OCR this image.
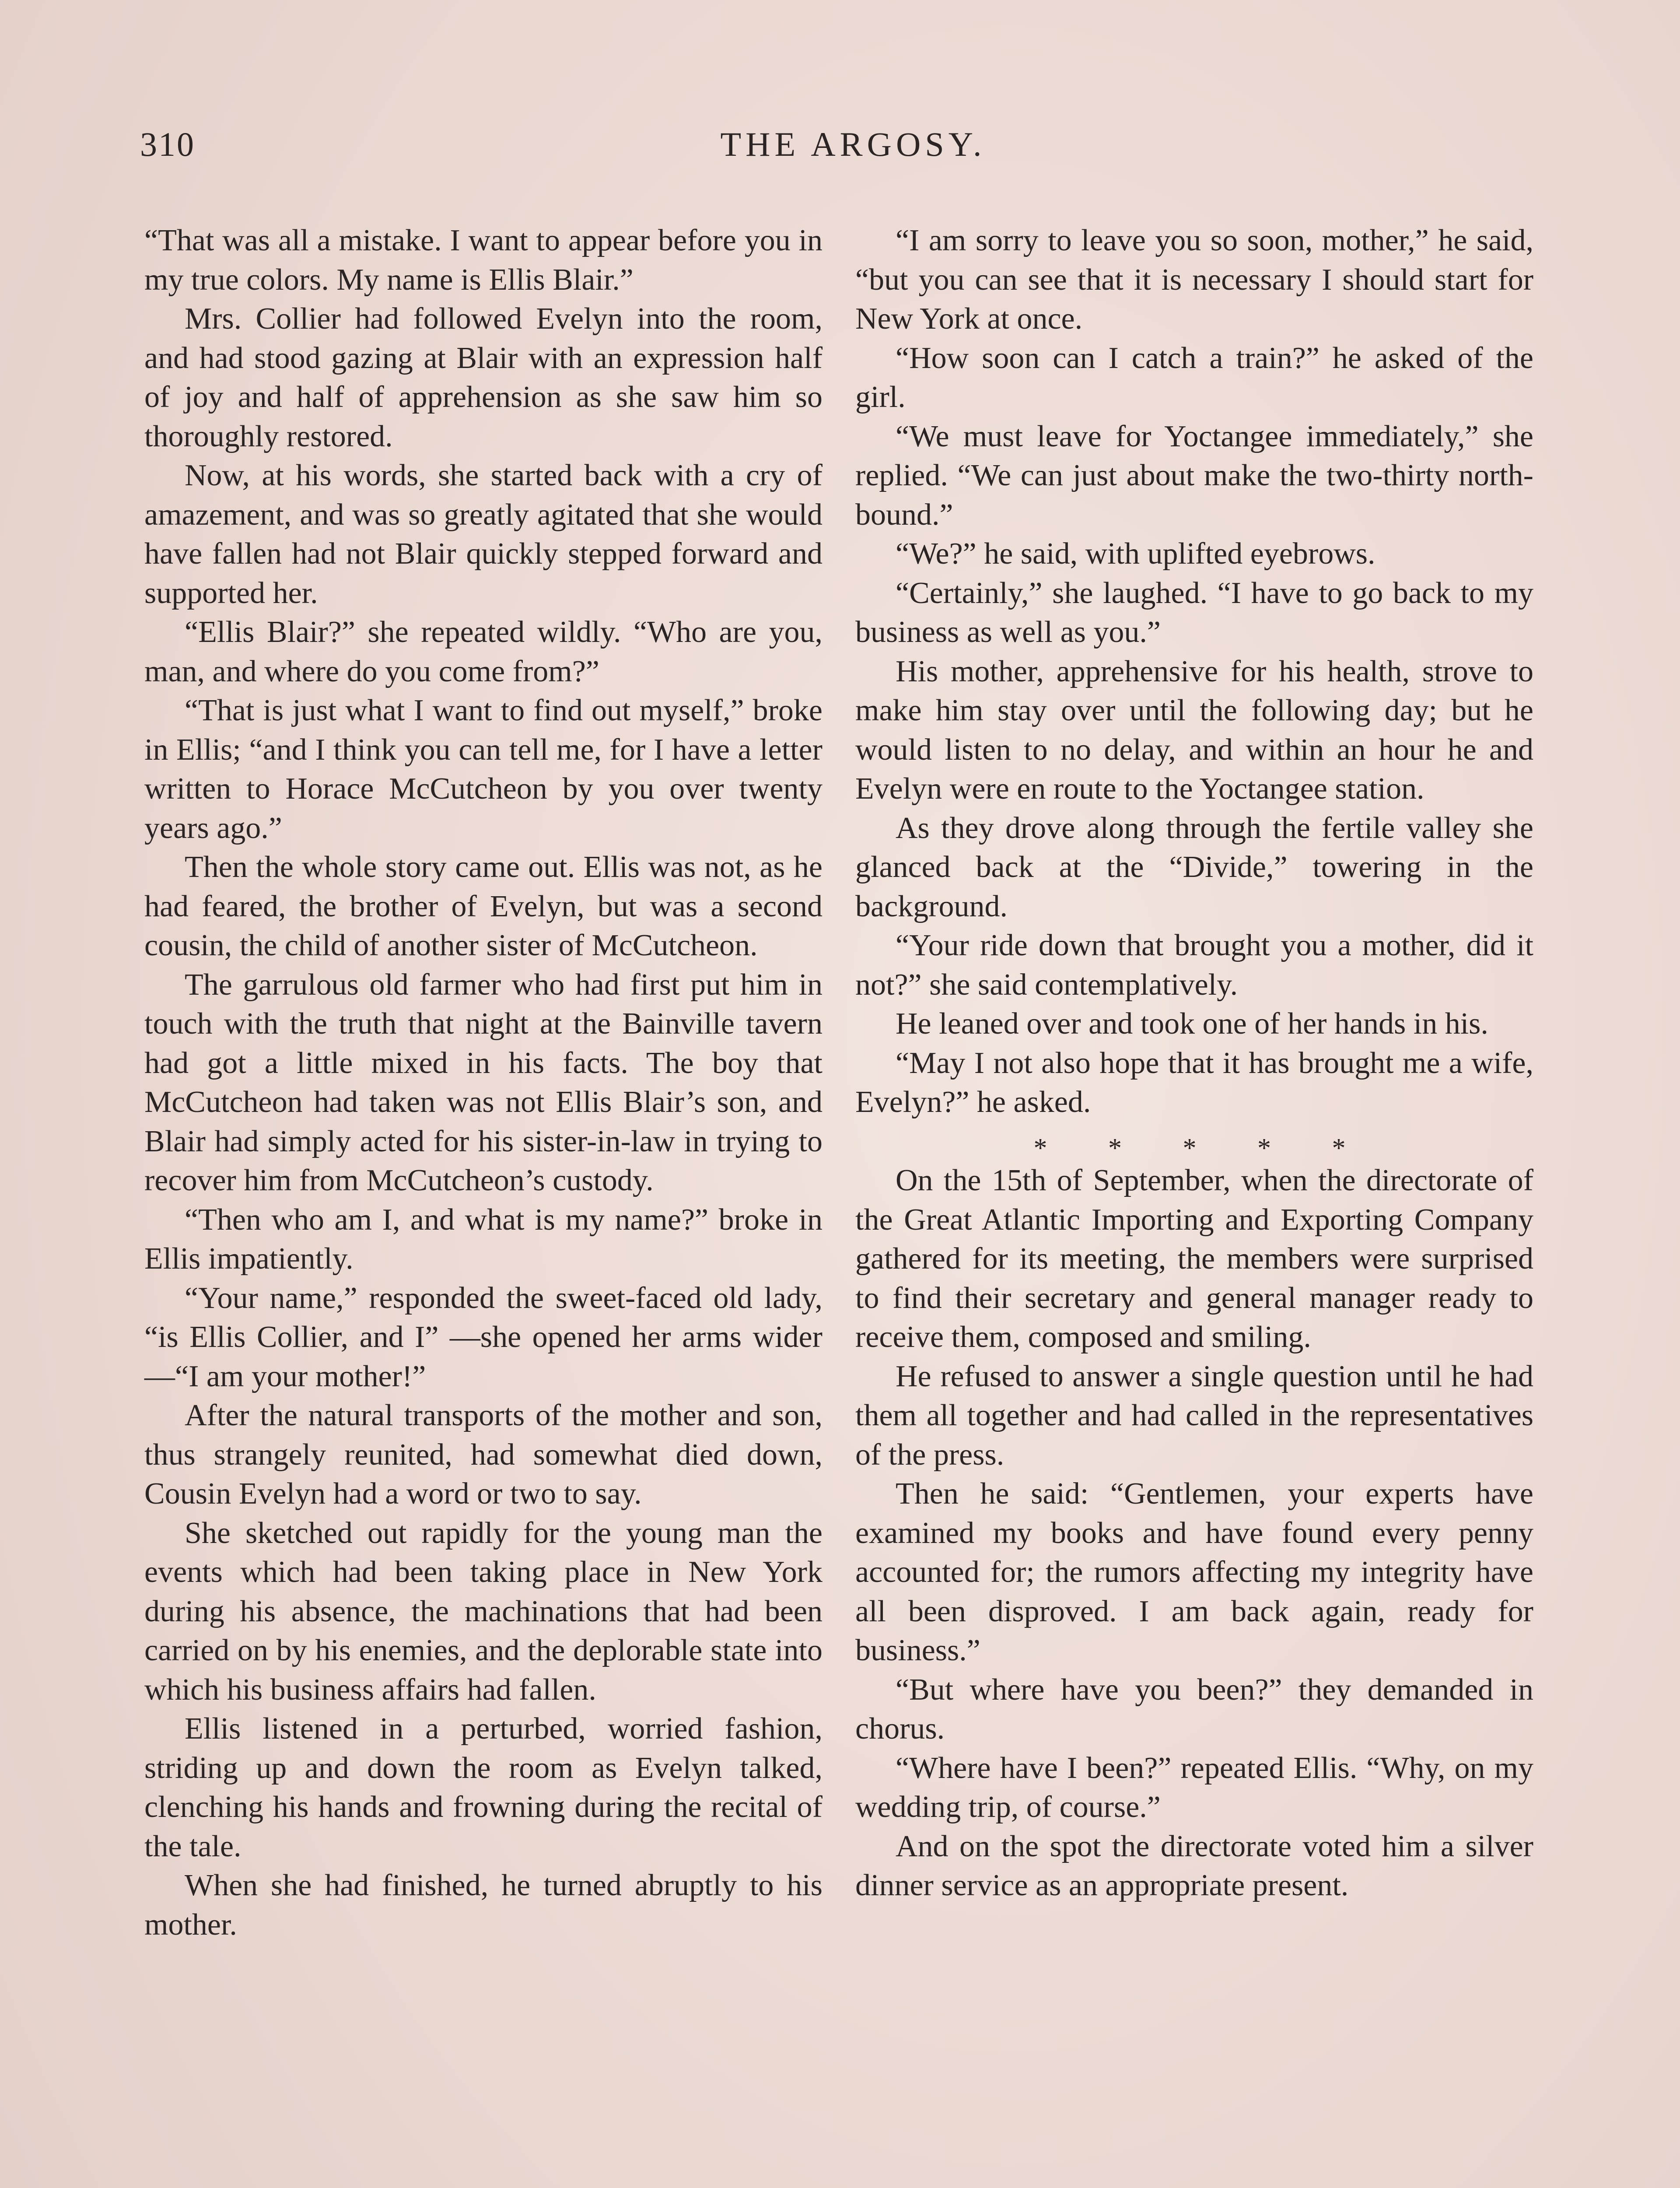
310	THE ARGOSY.

“That was all a mistake. I want to appear before you in my true colors. My name is Ellis Blair.”

Mrs. Collier had followed Evelyn into the room, and had stood gazing at Blair with an expression half of joy and half of apprehension as she saw him so thoroughly restored.

Now, at his words, she started back with a cry of amazement, and was so greatly agitated that she would have fallen had not Blair quickly stepped forward and supported her.

“Ellis Blair?” she repeated wildly. “Who are you, man, and where do you come from?”

“That is just what I want to find out myself,” broke in Ellis; “and I think you can tell me, for I have a letter written to Horace McCutcheon by you over twenty years ago.”

Then the whole story came out. Ellis was not, as he had feared, the brother of Evelyn, but was a second cousin, the child of another sister of McCutcheon.

The garrulous old farmer who had first put him in touch with the truth that night at the Bainville tavern had got a little mixed in his facts. The boy that McCutcheon had taken was not Ellis Blair’s son, and Blair had simply acted for his sister-in-law in trying to recover him from McCutcheon’s custody.

“Then who am I, and what is my name?” broke in Ellis impatiently.

“Your name,” responded the sweet-faced old lady, “is Ellis Collier, and I” —she opened her arms wider—“I am your mother!”

After the natural transports of the mother and son, thus strangely reunited, had somewhat died down, Cousin Evelyn had a word or two to say.

She sketched out rapidly for the young man the events which had been taking place in New York during his absence, the machinations that had been carried on by his enemies, and the deplorable state into which his business affairs had fallen.

Ellis listened in a perturbed, worried fashion, striding up and down the room as Evelyn talked, clenching his hands and frowning during the recital of the tale.

When she had finished, he turned abruptly to his mother.

“I am sorry to leave you so soon, mother,” he said, “but you can see that it is necessary I should start for New York at once.

“How soon can I catch a train?” he asked of the girl.

“We must leave for Yoctangee immediately,” she replied. “We can just about make the two-thirty north-bound.”

“We?” he said, with uplifted eyebrows.

“Certainly,” she laughed. “I have to go back to my business as well as you.”

His mother, apprehensive for his health, strove to make him stay over until the following day; but he would listen to no delay, and within an hour he and Evelyn were en route to the Yoctangee station.

As they drove along through the fertile valley she glanced back at the “Divide,” towering in the background.

“Your ride down that brought you a mother, did it not?” she said contemplatively.

He leaned over and took one of her hands in his.

“May I not also hope that it has brought me a wife, Evelyn?” he asked.

* * * * *

On the 15th of September, when the directorate of the Great Atlantic Importing and Exporting Company gathered for its meeting, the members were surprised to find their secretary and general manager ready to receive them, composed and smiling.

He refused to answer a single question until he had them all together and had called in the representatives of the press.

Then he said: “Gentlemen, your experts have examined my books and have found every penny accounted for; the rumors affecting my integrity have all been disproved. I am back again, ready for business.”

“But where have you been?” they demanded in chorus.

“Where have I been?” repeated Ellis. “Why, on my wedding trip, of course.”

And on the spot the directorate voted him a silver dinner service as an appropriate present.
